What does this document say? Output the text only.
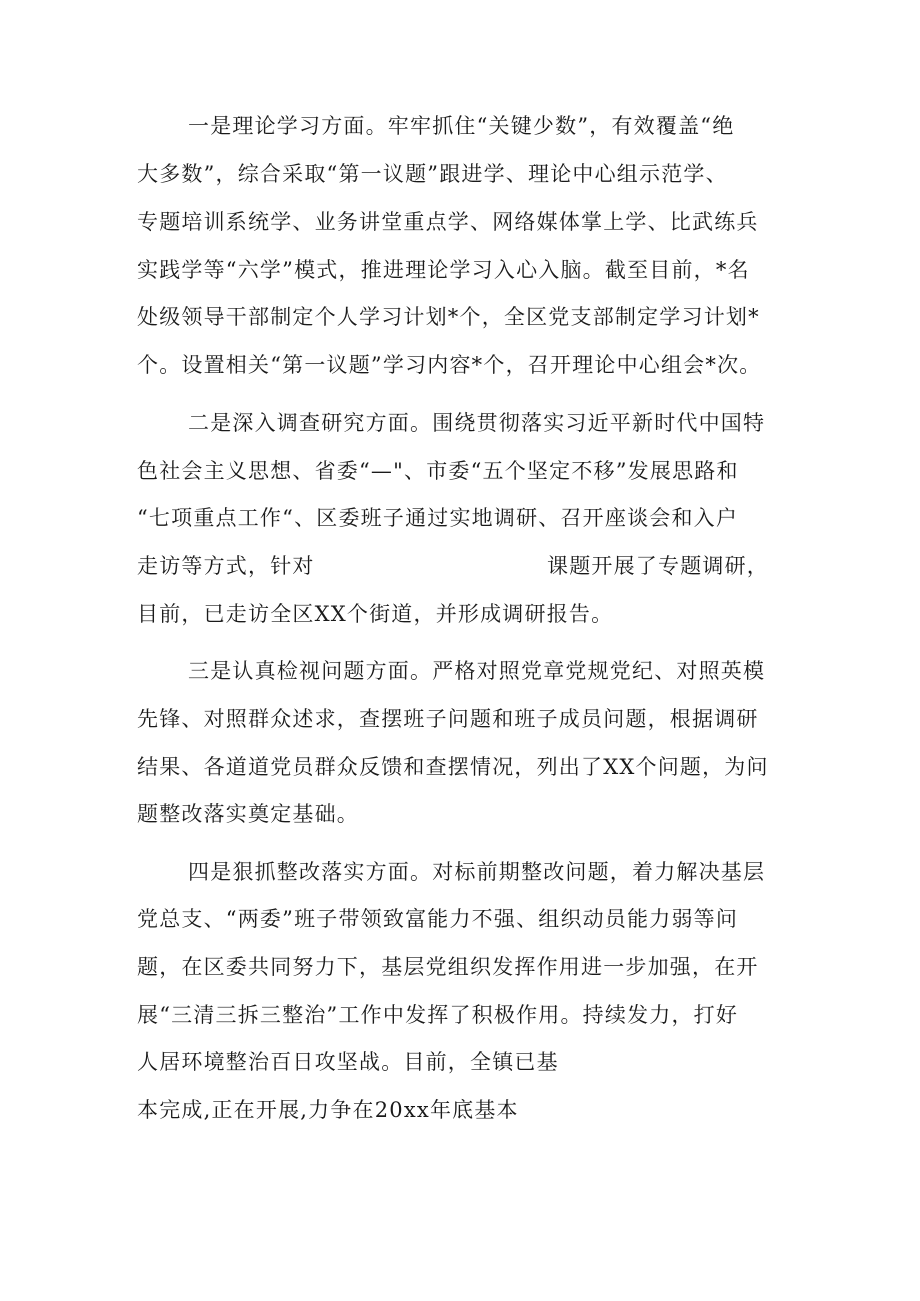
一是理论学习方面。牢牢抓住“关键少数”，有效覆盖“绝
大多数”，综合采取“第一议题”跟进学、理论中心组示范学、
专题培训系统学、业务讲堂重点学、网络媒体掌上学、比武练兵
实践学等“六学”模式，推进理论学习入心入脑。截至目前，*名
处级领导干部制定个人学习计划*个，全区党支部制定学习计划*
个。设置相关“第一议题”学习内容*个，召开理论中心组会*次。
二是深入调查研究方面。围绕贯彻落实习近平新时代中国特
色社会主义思想、省委“—"、市委“五个坚定不移”发展思路和
“七项重点工作“、区委班子通过实地调研、召开座谈会和入户
走访等方式，针对	课题开展了专题调研，
目前，已走访全区XX个街道，并形成调研报告。
三是认真检视问题方面。严格对照党章党规党纪、对照英模
先锋、对照群众述求，查摆班子问题和班子成员问题，根据调研
结果、各道道党员群众反馈和查摆情况，列出了XX个问题，为问
题整改落实奠定基础。
四是狠抓整改落实方面。对标前期整改问题，着力解决基层
党总支、“两委”班子带领致富能力不强、组织动员能力弱等问
题，在区委共同努力下，基层党组织发挥作用进一步加强，在开
展“三清三拆三整治”工作中发挥了积极作用。持续发力，打好
人居环境整治百日攻坚战。目前，全镇已基
本完成,正在开展,力争在20xx年底基本
